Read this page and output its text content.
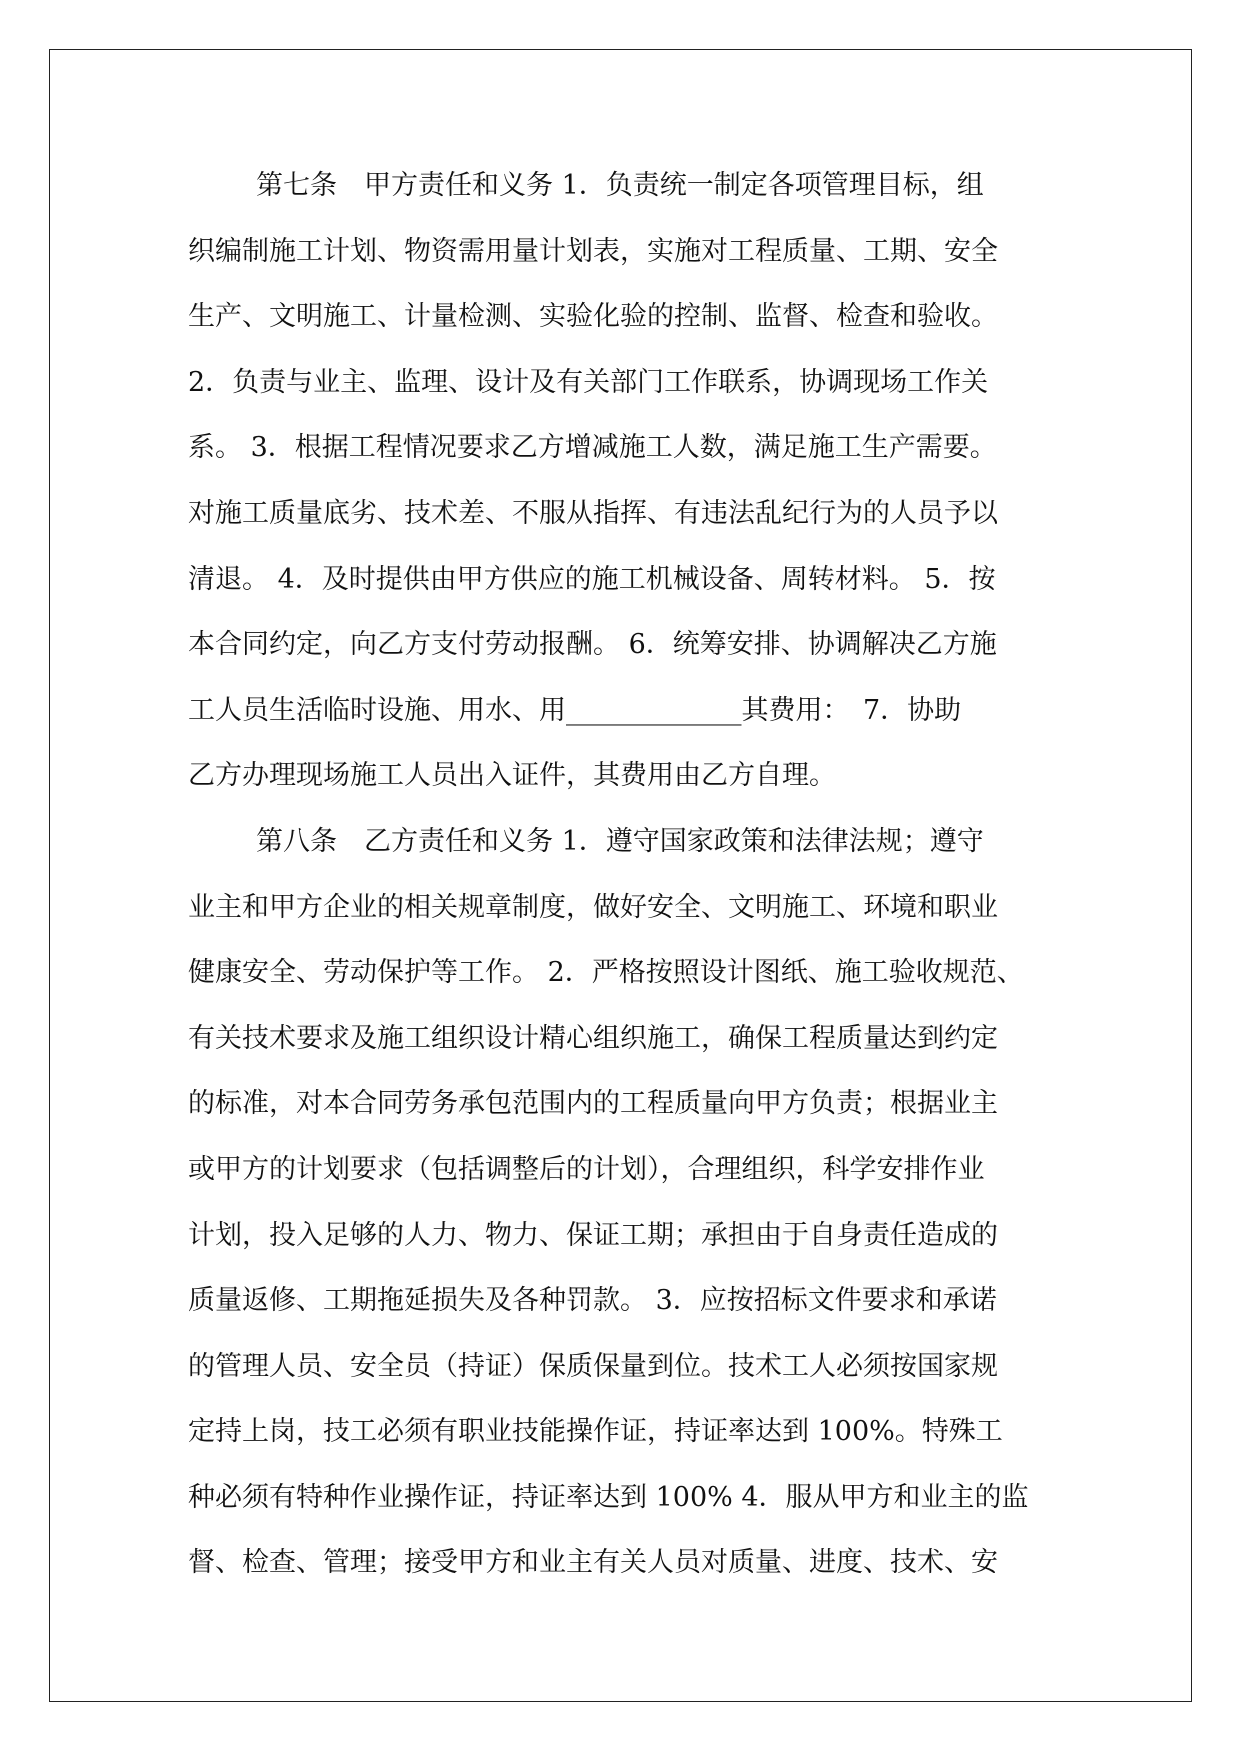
第七条　甲方责任和义务 1．负责统一制定各项管理目标，组
织编制施工计划、物资需用量计划表，实施对工程质量、工期、安全
生产、文明施工、计量检测、实验化验的控制、监督、检查和验收。
2．负责与业主、监理、设计及有关部门工作联系，协调现场工作关
系。 3．根据工程情况要求乙方增减施工人数，满足施工生产需要。
对施工质量底劣、技术差、不服从指挥、有违法乱纪行为的人员予以
清退。 4．及时提供由甲方供应的施工机械设备、周转材料。 5．按
本合同约定，向乙方支付劳动报酬。 6．统筹安排、协调解决乙方施
工人员生活临时设施、用水、用_____________其费用：　7．协助
乙方办理现场施工人员出入证件，其费用由乙方自理。
第八条　乙方责任和义务 1．遵守国家政策和法律法规；遵守
业主和甲方企业的相关规章制度，做好安全、文明施工、环境和职业
健康安全、劳动保护等工作。 2．严格按照设计图纸、施工验收规范、
有关技术要求及施工组织设计精心组织施工，确保工程质量达到约定
的标准，对本合同劳务承包范围内的工程质量向甲方负责；根据业主
或甲方的计划要求（包括调整后的计划），合理组织，科学安排作业
计划，投入足够的人力、物力、保证工期；承担由于自身责任造成的
质量返修、工期拖延损失及各种罚款。 3．应按招标文件要求和承诺
的管理人员、安全员（持证）保质保量到位。技术工人必须按国家规
定持上岗，技工必须有职业技能操作证，持证率达到 100%。特殊工
种必须有特种作业操作证，持证率达到 100% 4．服从甲方和业主的监
督、检查、管理；接受甲方和业主有关人员对质量、进度、技术、安
